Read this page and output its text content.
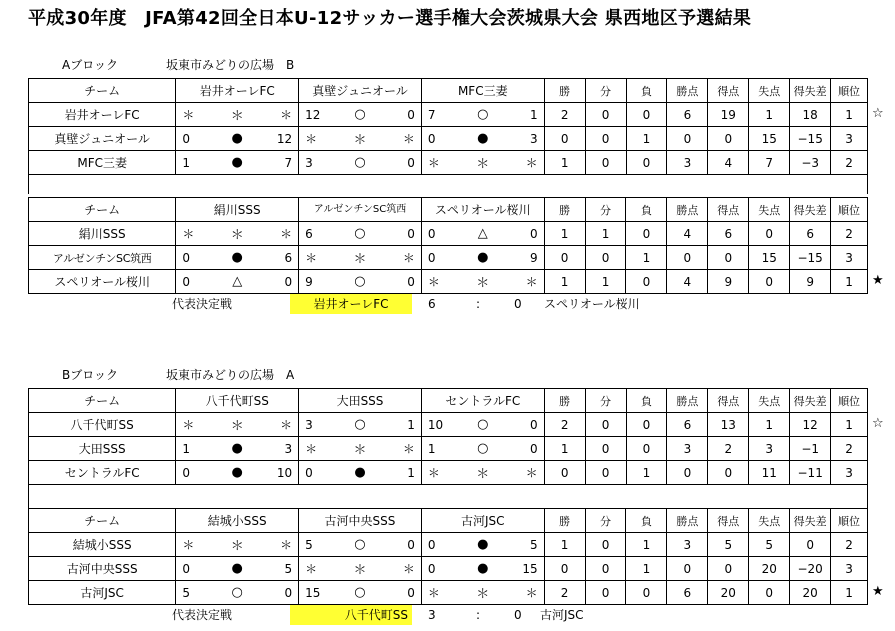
平成30年度　JFA第42回全日本U-12サッカー選手権大会茨城県大会 県西地区予選結果
Aブロック	坂東市みどりの広場　B
チーム	岩井オーレFC			真壁ジュニオール			MFC三妻			勝	分	負	勝点	得点	失点	得失差	順位
岩井オーレFC	＊	＊	＊	12	○	0	7	○	1	2	0	0	6	19	1	18	1
真壁ジュニオール	0	●	12	＊	＊	＊	0	●	3	0	0	1	0	0	15	−15	3
MFC三妻	1	●	7	3	○	0	＊	＊	＊	1	0	0	3	4	7	−3	2
☆
チーム	絹川SSS			アルゼンチンSC筑西			スペリオール桜川			勝	分	負	勝点	得点	失点	得失差	順位
絹川SSS	＊	＊	＊	6	○	0	0	△	0	1	1	0	4	6	0	6	2
アルゼンチンSC筑西	0	●	6	＊	＊	＊	0	●	9	0	0	1	0	0	15	−15	3
スペリオール桜川	0	△	0	9	○	0	＊	＊	＊	1	1	0	4	9	0	9	1 ★
代表決定戦	岩井オーレFC	6	:	0 スペリオール桜川
Bブロック	坂東市みどりの広場　A
チーム	八千代町SS			大田SSS			セントラルFC			勝	分	負	勝点	得点	失点	得失差	順位
八千代町SS	＊	＊	＊	3	○	1	10	○	0	2	0	0	6	13	1	12	1
大田SSS	1	●	3	＊	＊	＊	1	○	0	1	0	0	3	2	3	−1	2
セントラルFC	0	●	10	0	●	1	＊	＊	＊	0	0	1	0	0	11	−11	3
☆
チーム	結城小SSS			古河中央SSS			古河JSC			勝	分	負	勝点	得点	失点	得失差	順位
結城小SSS	＊	＊	＊	5	○	0	0	●	5	1	0	1	3	5	5	0	2
古河中央SSS	0	●	5	＊	＊	＊	0	●	15	0	0	1	0	0	20	−20	3
古河JSC	5	○	0	15	○	0	＊	＊	＊	2	0	0	6	20	0	20	1 ★
代表決定戦	八千代町SS	3	:	0 古河JSC
